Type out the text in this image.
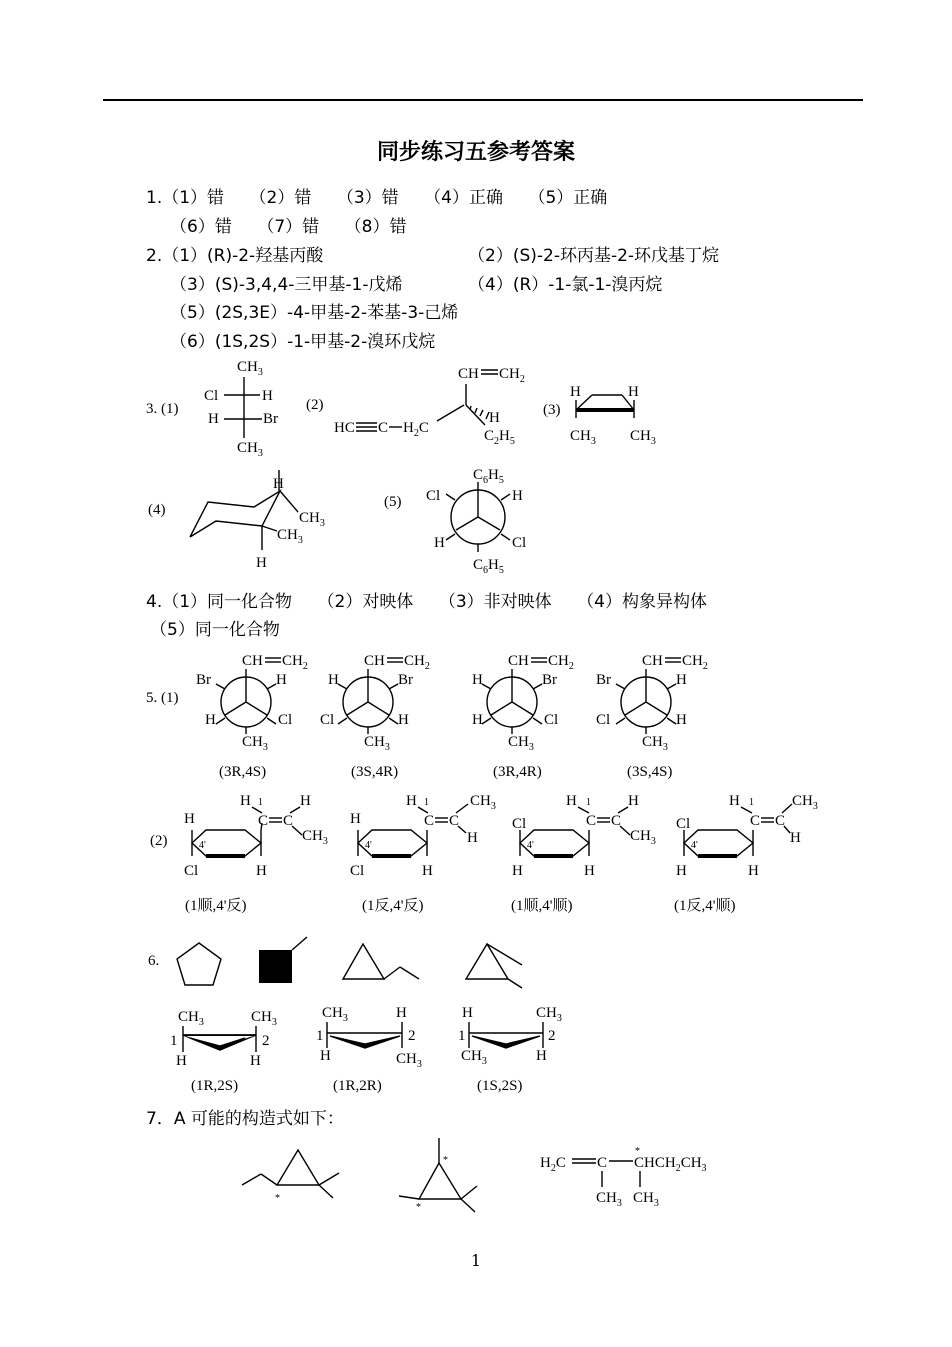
同步练习五参考答案
1.（1）错　　（2）错　　（3）错　　（4）正确　　（5）正确
（6）错　　（7）错　　（8）错
2.（1）(R)-2-羟基丙酸	（2）(S)-2-环丙基-2-环戊基丁烷
（3）(S)-3,4,4-三甲基-1-戊烯	（4）(R）-1-氯-1-溴丙烷
（5）(2S,3E）-4-甲基-2-苯基-3-己烯
（6）(1S,2S）-1-甲基-2-溴环戊烷
3. (1)	(2)	(3)
(4)	(5)
$CH_3$
Cl	H
H	Br
$CH_3$
CH $CH_2$
HC C $H_2C$
H
$C_2H_5$
H	H
$CH_3$ $CH_3$
H
$CH_3$
$CH_3$
H
$C_6H_5$
Cl	H
H	Cl
$C_6H_5$
4.（1）同一化合物　　（2）对映体　　（3）非对映体　　（4）构象异构体
（5）同一化合物
5. (1)
(2)
CH $CH_2$
Br	H
H	Cl
$CH_3$
CH $CH_2$
H	Br
Cl	H
$CH_3$
CH $CH_2$
H	Br
H	Cl
$CH_3$
CH $CH_2$
Br	H
Cl	H
$CH_3$
(3R,4S)	(3S,4R)	(3R,4R)	(3S,4S)
4'
H
Cl	H
C C
H 1 H
$CH_3$	4'
H
Cl	H
C C
H 1	$CH_3$
H	4'
Cl
H	H
C C
H 1 H
$CH_3$	4'
Cl
H	H
C C
H 1	$CH_3$
H
(1顺,4'反)	(1反,4'反)	(1顺,4'顺)	(1反,4'顺)
6.
$CH_3$	$CH_3$
1	2
H	H
$CH_3$	H
1	2
H	$CH_3$
H	$CH_3$
1	2
$CH_3$	H
(1R,2S)	(1R,2R)	(1S,2S)
7．A 可能的构造式如下：
*
*
*
$H_2C$ C $CHCH_2CH_3$
*
$CH_3$ $CH_3$
1
